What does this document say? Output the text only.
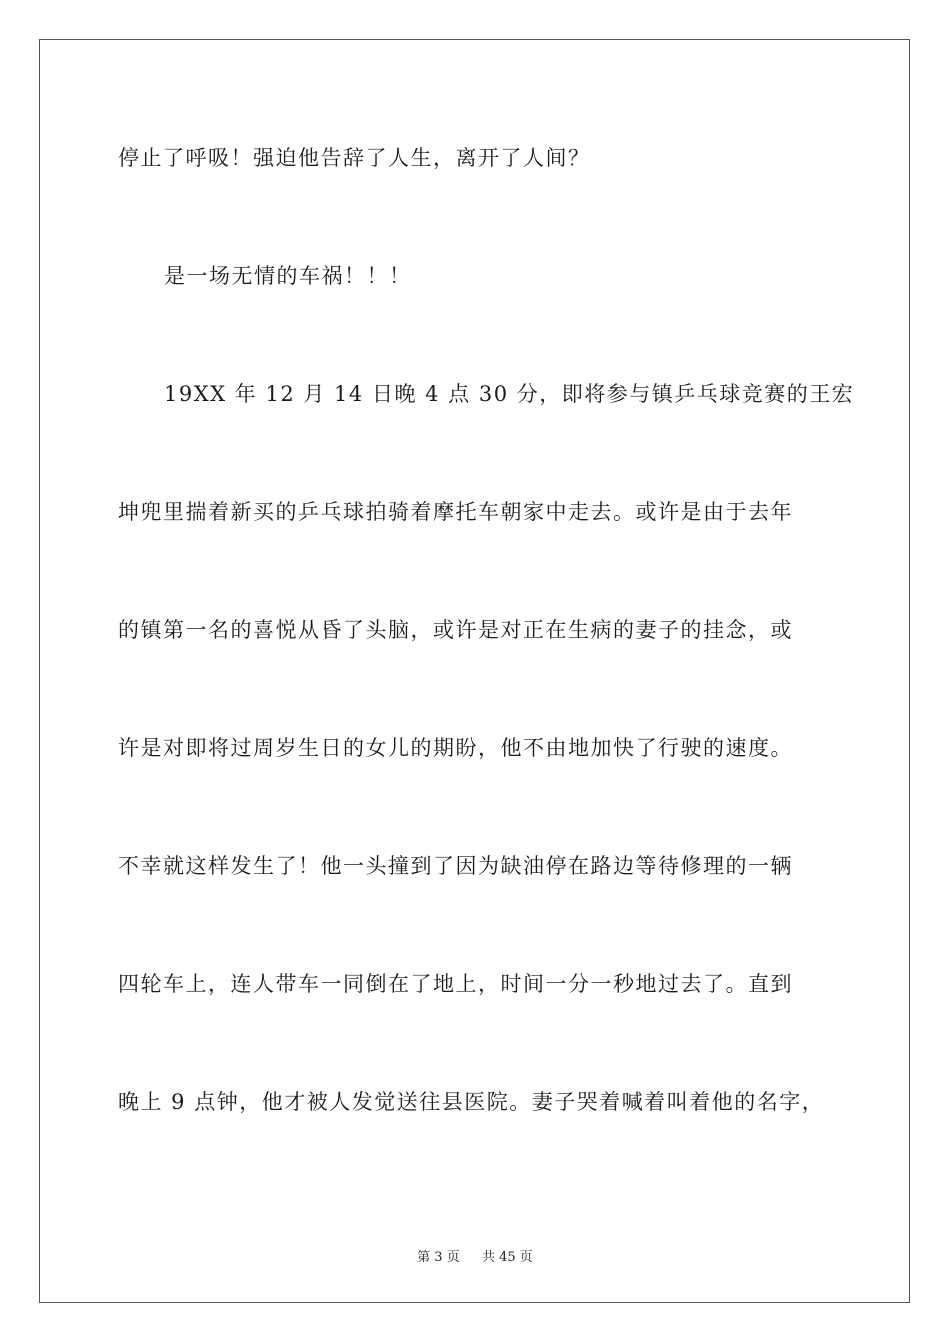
停止了呼吸！强迫他告辞了人生，离开了人间？
是一场无情的车祸！！！
19XX 年 12 月 14 日晚 4 点 30 分，即将参与镇乒乓球竞赛的王宏
坤兜里揣着新买的乒乓球拍骑着摩托车朝家中走去。或许是由于去年
的镇第一名的喜悦从昏了头脑，或许是对正在生病的妻子的挂念，或
许是对即将过周岁生日的女儿的期盼，他不由地加快了行驶的速度。
不幸就这样发生了！他一头撞到了因为缺油停在路边等待修理的一辆
四轮车上，连人带车一同倒在了地上，时间一分一秒地过去了。直到
晚上 9 点钟，他才被人发觉送往县医院。妻子哭着喊着叫着他的名字，
第 3 页 共 45 页
